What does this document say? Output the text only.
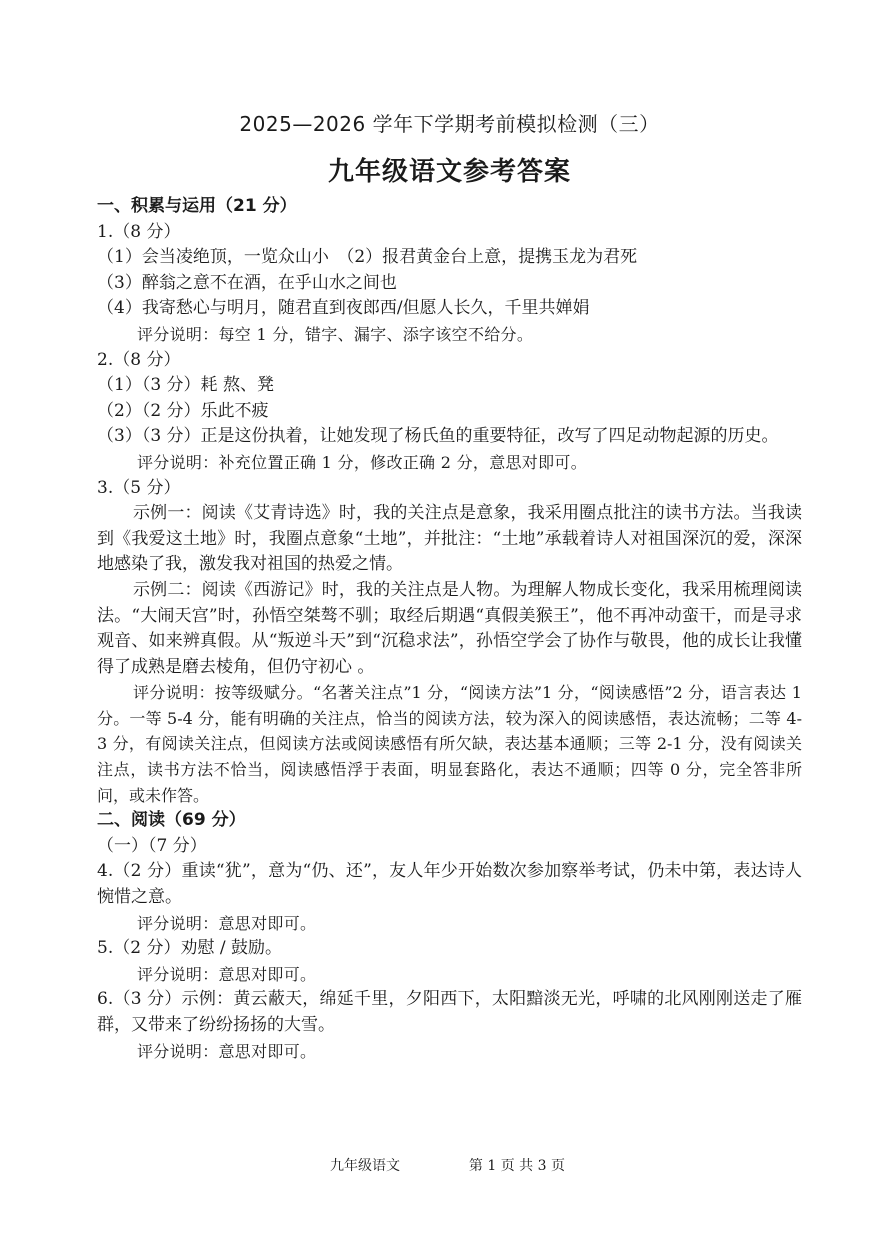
2025—2026 学年下学期考前模拟检测（三）
九年级语文参考答案

一、积累与运用（21 分）

1.（8 分）

（1）会当凌绝顶，一览众山小　（2）报君黄金台上意，提携玉龙为君死

（3）醉翁之意不在酒，在乎山水之间也

（4）我寄愁心与明月，随君直到夜郎西/但愿人长久，千里共婵娟

评分说明：每空 1 分，错字、漏字、添字该空不给分。

2.（8 分）

（1）（3 分）耗 熬、凳

（2）（2 分）乐此不疲

（3）（3 分）正是这份执着，让她发现了杨氏鱼的重要特征，改写了四足动物起源的历史。

评分说明：补充位置正确 1 分，修改正确 2 分，意思对即可。

3.（5 分）

示例一：阅读《艾青诗选》时，我的关注点是意象，我采用圈点批注的读书方法。当我读到《我爱这土地》时，我圈点意象“土地”，并批注：“土地”承载着诗人对祖国深沉的爱，深深地感染了我，激发我对祖国的热爱之情。

示例二：阅读《西游记》时，我的关注点是人物。为理解人物成长变化，我采用梳理阅读法。“大闹天宫”时，孙悟空桀骜不驯；取经后期遇“真假美猴王”，他不再冲动蛮干，而是寻求观音、如来辨真假。从“叛逆斗天”到“沉稳求法”，孙悟空学会了协作与敬畏，他的成长让我懂得了成熟是磨去棱角，但仍守初心 。

评分说明：按等级赋分。“名著关注点”1 分，“阅读方法”1 分，“阅读感悟”2 分，语言表达 1 分。一等 5-4 分，能有明确的关注点，恰当的阅读方法，较为深入的阅读感悟，表达流畅；二等 4-3 分，有阅读关注点，但阅读方法或阅读感悟有所欠缺，表达基本通顺；三等 2-1 分，没有阅读关注点，读书方法不恰当，阅读感悟浮于表面，明显套路化，表达不通顺；四等 0 分，完全答非所问，或未作答。

二、阅读（69 分）

（一）（7 分）

4.（2 分）重读“犹”，意为“仍、还”，友人年少开始数次参加察举考试，仍未中第，表达诗人惋惜之意。

评分说明：意思对即可。

5.（2 分）劝慰 / 鼓励。

评分说明：意思对即可。

6.（3 分）示例：黄云蔽天，绵延千里，夕阳西下，太阳黯淡无光，呼啸的北风刚刚送走了雁群，又带来了纷纷扬扬的大雪。

评分说明：意思对即可。

九年级语文	第 1 页 共 3 页
